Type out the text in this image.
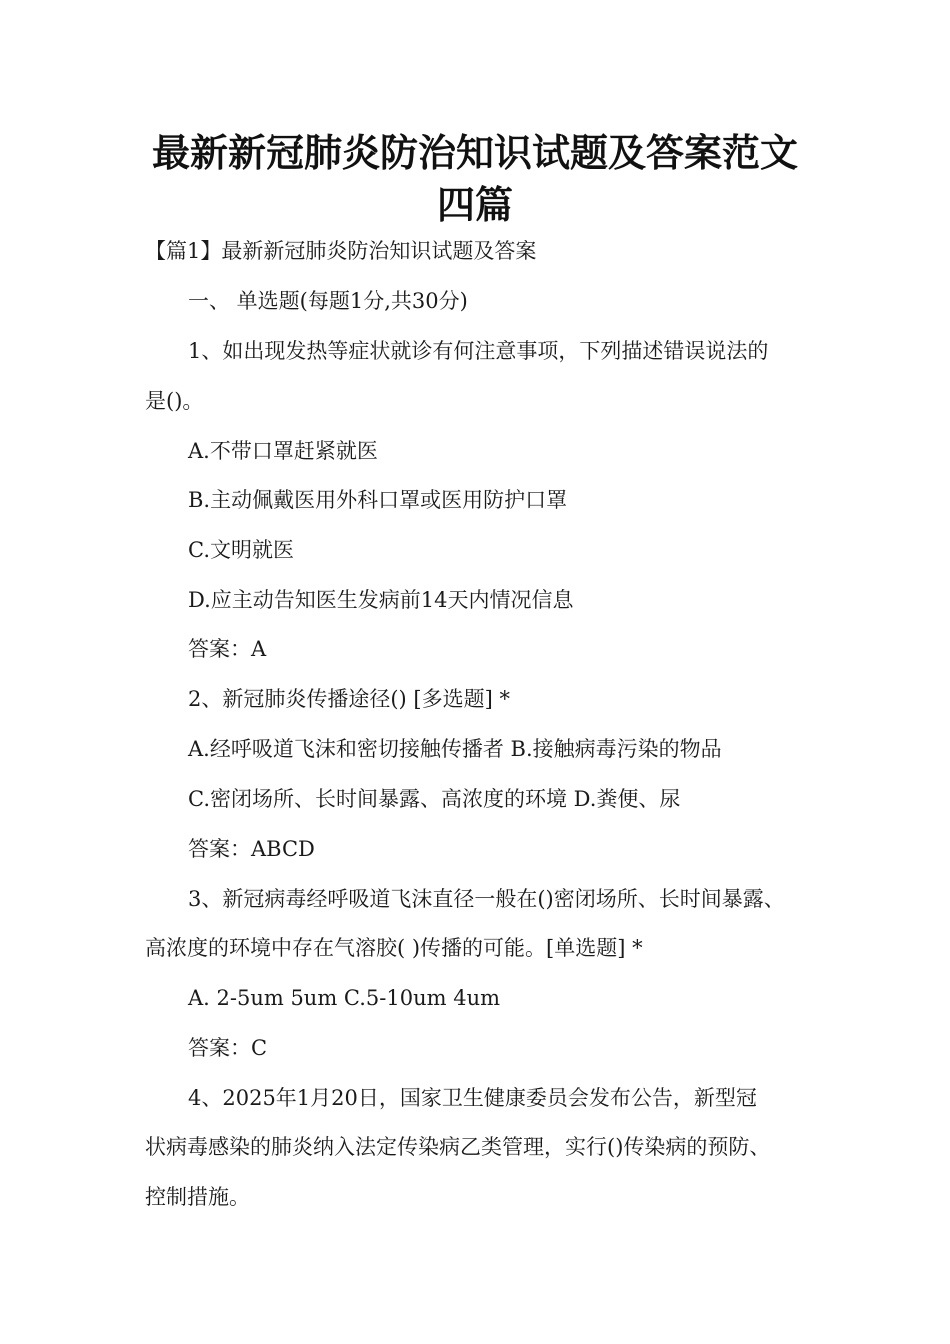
最新新冠肺炎防治知识试题及答案范文
四篇

【篇1】最新新冠肺炎防治知识试题及答案

一、 单选题(每题1分,共30分)

1、如出现发热等症状就诊有何注意事项，下列描述错误说法的

是()。

A.不带口罩赶紧就医

B.主动佩戴医用外科口罩或医用防护口罩

C.文明就医

D.应主动告知医生发病前14天内情况信息

答案：A

2、新冠肺炎传播途径() [多选题] *

A.经呼吸道飞沫和密切接触传播者 B.接触病毒污染的物品

C.密闭场所、长时间暴露、高浓度的环境 D.粪便、尿

答案：ABCD

3、新冠病毒经呼吸道飞沫直径一般在()密闭场所、长时间暴露、

高浓度的环境中存在气溶胶( )传播的可能。[单选题] *

A. 2-5um 5um C.5-10um 4um

答案：C

4、2025年1月20日，国家卫生健康委员会发布公告，新型冠

状病毒感染的肺炎纳入法定传染病乙类管理，实行()传染病的预防、

控制措施。
